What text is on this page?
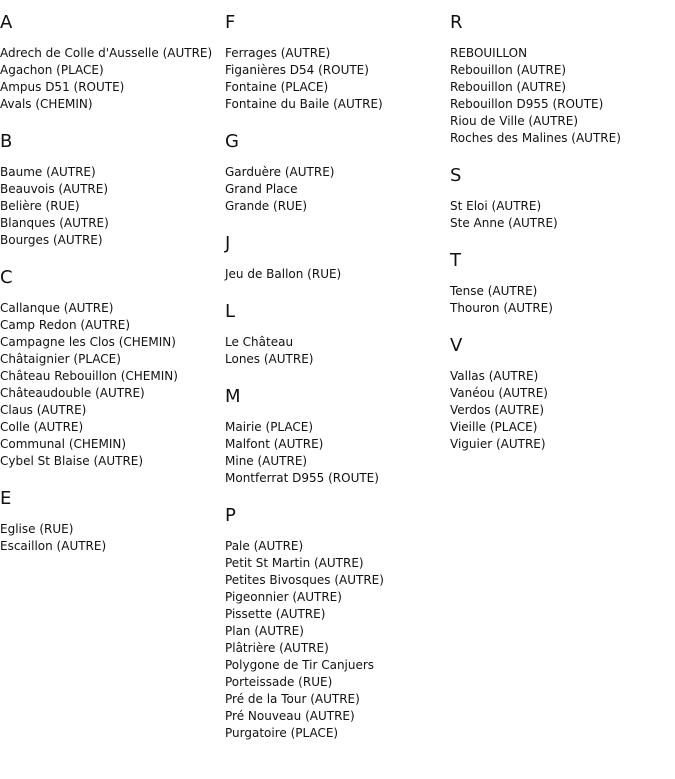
A
Adrech de Colle d'Ausselle (AUTRE)
Agachon (PLACE)
Ampus D51 (ROUTE)
Avals (CHEMIN)
B
Baume (AUTRE)
Beauvois (AUTRE)
Belière (RUE)
Blanques (AUTRE)
Bourges (AUTRE)
C
Callanque (AUTRE)
Camp Redon (AUTRE)
Campagne les Clos (CHEMIN)
Châtaignier (PLACE)
Château Rebouillon (CHEMIN)
Châteaudouble (AUTRE)
Claus (AUTRE)
Colle (AUTRE)
Communal (CHEMIN)
Cybel St Blaise (AUTRE)
E
Eglise (RUE)
Escaillon (AUTRE)
F
Ferrages (AUTRE)
Figanières D54 (ROUTE)
Fontaine (PLACE)
Fontaine du Baile (AUTRE)
G
Garduère (AUTRE)
Grand Place
Grande (RUE)
J
Jeu de Ballon (RUE)
L
Le Château
Lones (AUTRE)
M
Mairie (PLACE)
Malfont (AUTRE)
Mine (AUTRE)
Montferrat D955 (ROUTE)
P
Pale (AUTRE)
Petit St Martin (AUTRE)
Petites Bivosques (AUTRE)
Pigeonnier (AUTRE)
Pissette (AUTRE)
Plan (AUTRE)
Plâtrière (AUTRE)
Polygone de Tir Canjuers
Porteissade (RUE)
Pré de la Tour (AUTRE)
Pré Nouveau (AUTRE)
Purgatoire (PLACE)
R
REBOUILLON
Rebouillon (AUTRE)
Rebouillon (AUTRE)
Rebouillon D955 (ROUTE)
Riou de Ville (AUTRE)
Roches des Malines (AUTRE)
S
St Eloi (AUTRE)
Ste Anne (AUTRE)
T
Tense (AUTRE)
Thouron (AUTRE)
V
Vallas (AUTRE)
Vanéou (AUTRE)
Verdos (AUTRE)
Vieille (PLACE)
Viguier (AUTRE)
